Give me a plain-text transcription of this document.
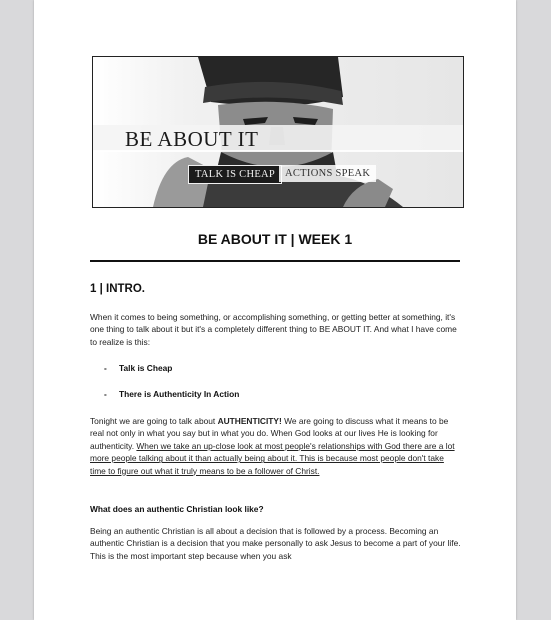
BE ABOUT IT
TALK IS CHEAP ACTIONS SPEAK
BE ABOUT IT | WEEK 1
1 | INTRO.

When it comes to being something, or accomplishing something, or getting better at something, it's one thing to talk about it but it's a completely different thing to BE ABOUT IT. And what I have come to realize is this:

- Talk is Cheap
- There is Authenticity In Action

Tonight we are going to talk about AUTHENTICITY! We are going to discuss what it means to be real not only in what you say but in what you do. When God looks at our lives He is looking for authenticity. When we take an up-close look at most people's relationships with God there are a lot more people talking about it than actually being about it. This is because most people don't take time to figure out what it truly means to be a follower of Christ.

What does an authentic Christian look like?

Being an authentic Christian is all about a decision that is followed by a process. Becoming an authentic Christian is a decision that you make personally to ask Jesus to become a part of your life. This is the most important step because when you ask
